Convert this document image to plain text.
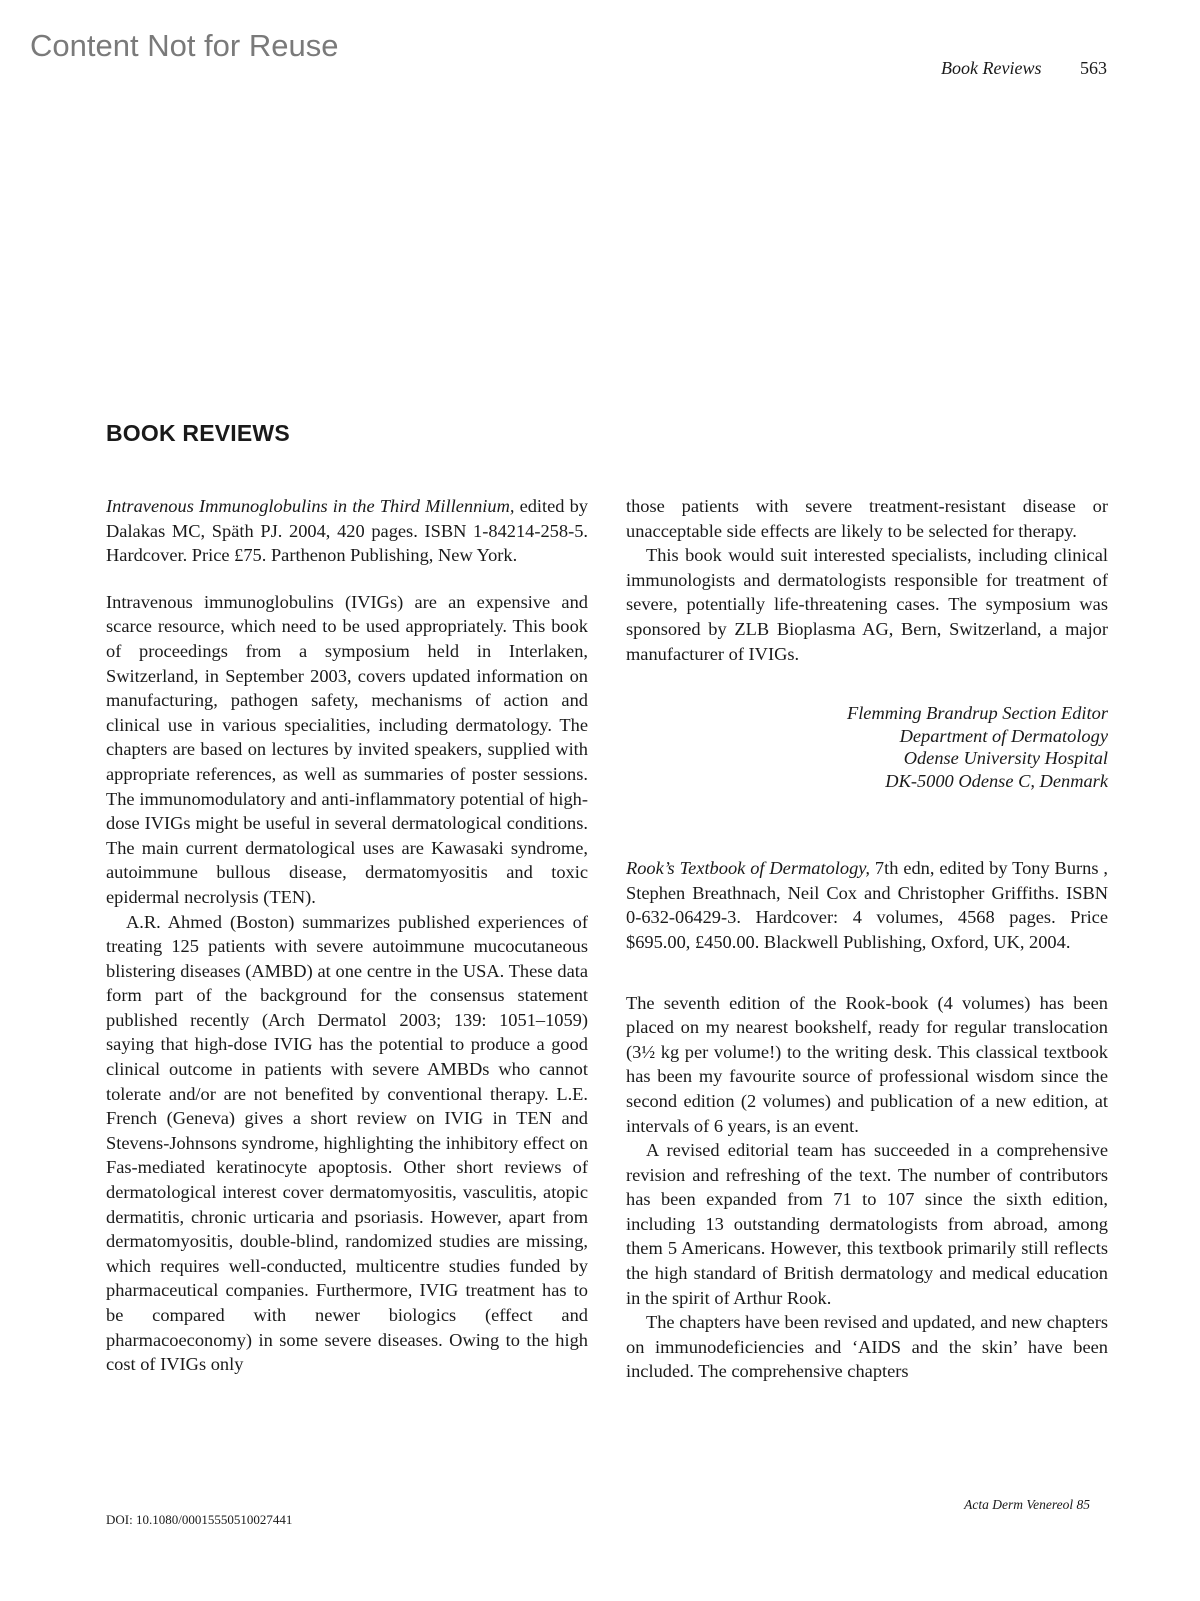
Content Not for Reuse
Book Reviews 563
BOOK REVIEWS

Intravenous Immunoglobulins in the Third Millennium, edited by Dalakas MC, Späth PJ. 2004, 420 pages. ISBN 1-84214-258-5. Hardcover. Price £75. Parthenon Publishing, New York.

Intravenous immunoglobulins (IVIGs) are an expensive and scarce resource, which need to be used appropriately. This book of proceedings from a symposium held in Interlaken, Switzerland, in September 2003, covers updated information on manufacturing, pathogen safety, mechanisms of action and clinical use in various specialities, including dermatology. The chapters are based on lectures by invited speakers, supplied with appropriate references, as well as summaries of poster sessions. The immunomodulatory and anti-inflammatory potential of high-dose IVIGs might be useful in several dermatological conditions. The main current dermatological uses are Kawasaki syndrome, autoimmune bullous disease, dermatomyositis and toxic epidermal necrolysis (TEN).

A.R. Ahmed (Boston) summarizes published experiences of treating 125 patients with severe autoimmune mucocutaneous blistering diseases (AMBD) at one centre in the USA. These data form part of the background for the consensus statement published recently (Arch Dermatol 2003; 139: 1051–1059) saying that high-dose IVIG has the potential to produce a good clinical outcome in patients with severe AMBDs who cannot tolerate and/or are not benefited by conventional therapy. L.E. French (Geneva) gives a short review on IVIG in TEN and Stevens-Johnsons syndrome, highlighting the inhibitory effect on Fas-mediated keratinocyte apoptosis. Other short reviews of dermatological interest cover dermatomyositis, vasculitis, atopic dermatitis, chronic urticaria and psoriasis. However, apart from dermatomyositis, double-blind, randomized studies are missing, which requires well-conducted, multicentre studies funded by pharmaceutical companies. Furthermore, IVIG treatment has to be compared with newer biologics (effect and pharmacoeconomy) in some severe diseases. Owing to the high cost of IVIGs only

those patients with severe treatment-resistant disease or unacceptable side effects are likely to be selected for therapy.

This book would suit interested specialists, including clinical immunologists and dermatologists responsible for treatment of severe, potentially life-threatening cases. The symposium was sponsored by ZLB Bioplasma AG, Bern, Switzerland, a major manufacturer of IVIGs.

Flemming Brandrup Section Editor
Department of Dermatology
Odense University Hospital
DK-5000 Odense C, Denmark

Rook’s Textbook of Dermatology, 7th edn, edited by Tony Burns , Stephen Breathnach, Neil Cox and Christopher Griffiths. ISBN 0-632-06429-3. Hardcover: 4 volumes, 4568 pages. Price $695.00, £450.00. Blackwell Publishing, Oxford, UK, 2004.

The seventh edition of the Rook-book (4 volumes) has been placed on my nearest bookshelf, ready for regular translocation (3½ kg per volume!) to the writing desk. This classical textbook has been my favourite source of professional wisdom since the second edition (2 volumes) and publication of a new edition, at intervals of 6 years, is an event.

A revised editorial team has succeeded in a comprehensive revision and refreshing of the text. The number of contributors has been expanded from 71 to 107 since the sixth edition, including 13 outstanding dermatologists from abroad, among them 5 Americans. However, this textbook primarily still reflects the high standard of British dermatology and medical education in the spirit of Arthur Rook.

The chapters have been revised and updated, and new chapters on immunodeficiencies and ‘AIDS and the skin’ have been included. The comprehensive chapters

DOI: 10.1080/00015550510027441
Acta Derm Venereol 85
